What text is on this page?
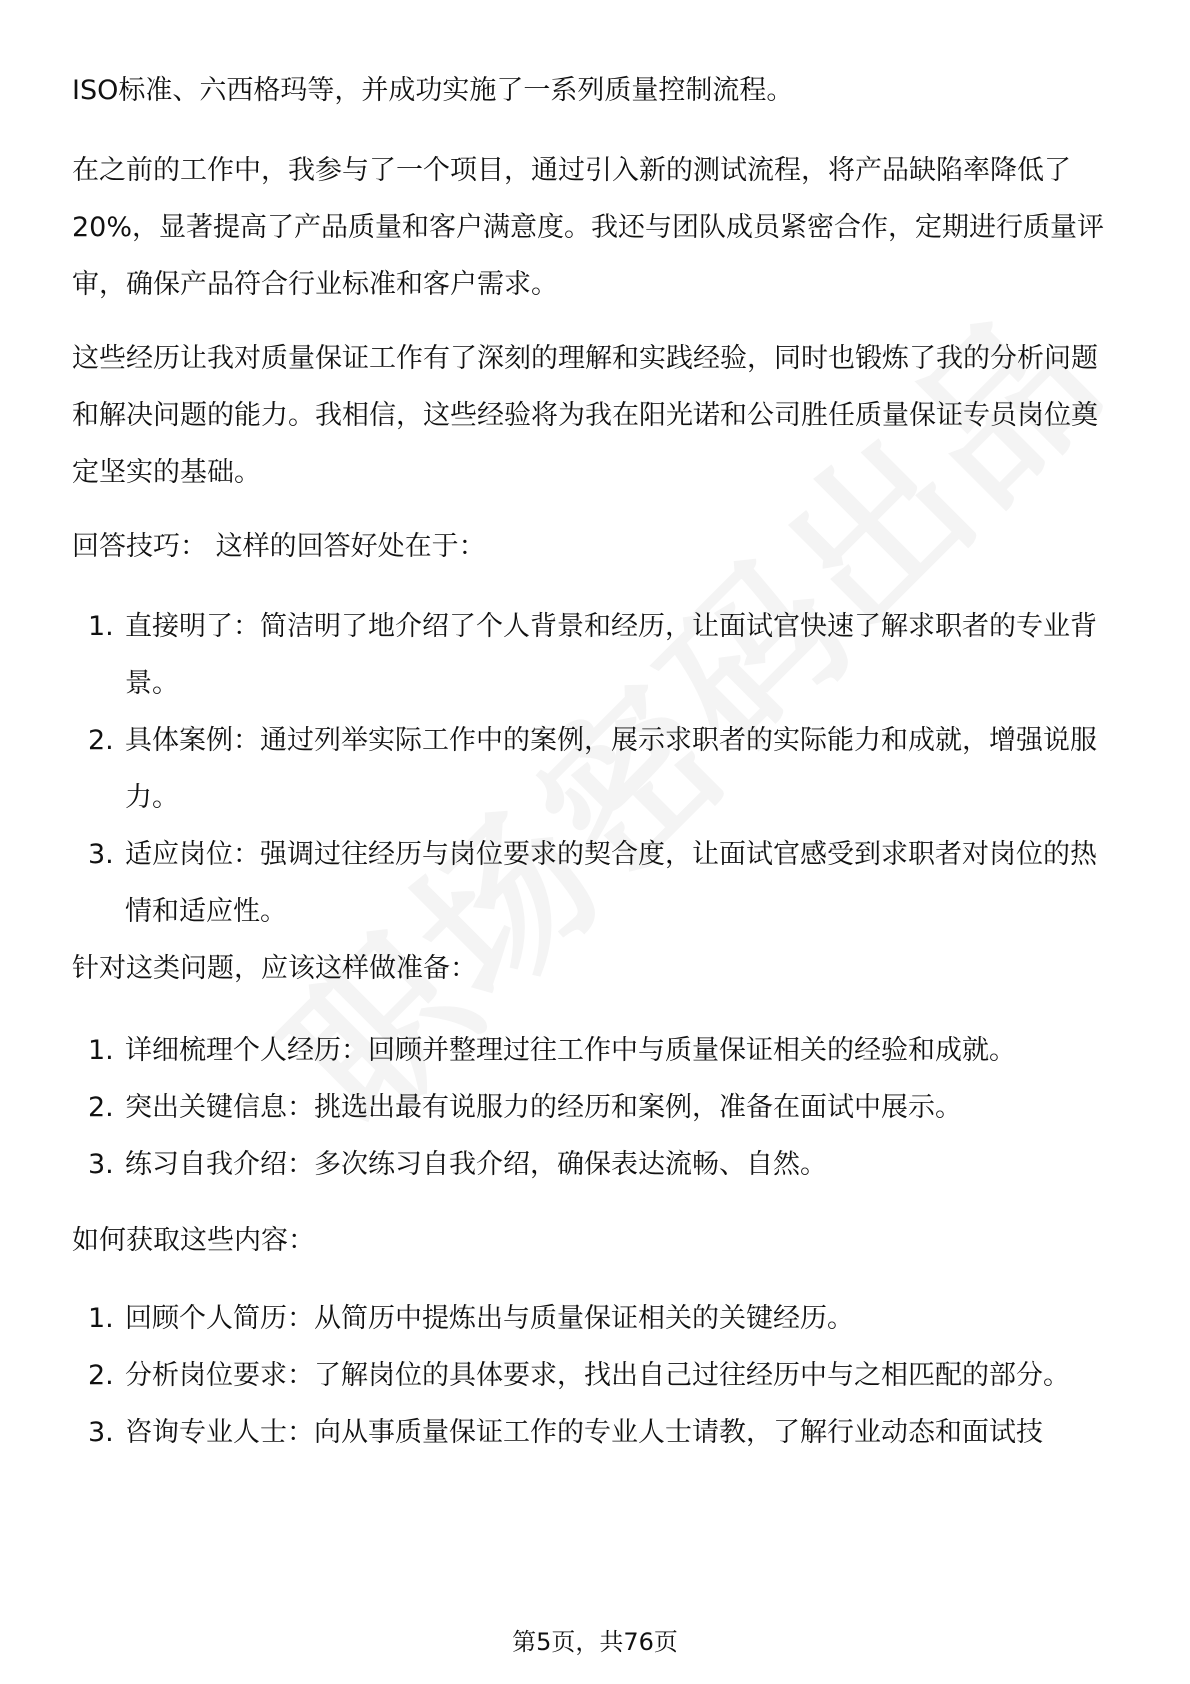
ISO标准、六西格玛等，并成功实施了一系列质量控制流程。

在之前的工作中，我参与了一个项目，通过引入新的测试流程，将产品缺陷率降低了20%，显著提高了产品质量和客户满意度。我还与团队成员紧密合作，定期进行质量评审，确保产品符合行业标准和客户需求。

这些经历让我对质量保证工作有了深刻的理解和实践经验，同时也锻炼了我的分析问题和解决问题的能力。我相信，这些经验将为我在阳光诺和公司胜任质量保证专员岗位奠定坚实的基础。

回答技巧： 这样的回答好处在于：

1. 直接明了：简洁明了地介绍了个人背景和经历，让面试官快速了解求职者的专业背景。
2. 具体案例：通过列举实际工作中的案例，展示求职者的实际能力和成就，增强说服力。
3. 适应岗位：强调过往经历与岗位要求的契合度，让面试官感受到求职者对岗位的热情和适应性。

针对这类问题，应该这样做准备：

1. 详细梳理个人经历：回顾并整理过往工作中与质量保证相关的经验和成就。
2. 突出关键信息：挑选出最有说服力的经历和案例，准备在面试中展示。
3. 练习自我介绍：多次练习自我介绍，确保表达流畅、自然。

如何获取这些内容：

1. 回顾个人简历：从简历中提炼出与质量保证相关的关键经历。
2. 分析岗位要求：了解岗位的具体要求，找出自己过往经历中与之相匹配的部分。
3. 咨询专业人士：向从事质量保证工作的专业人士请教，了解行业动态和面试技
第5页，共76页
